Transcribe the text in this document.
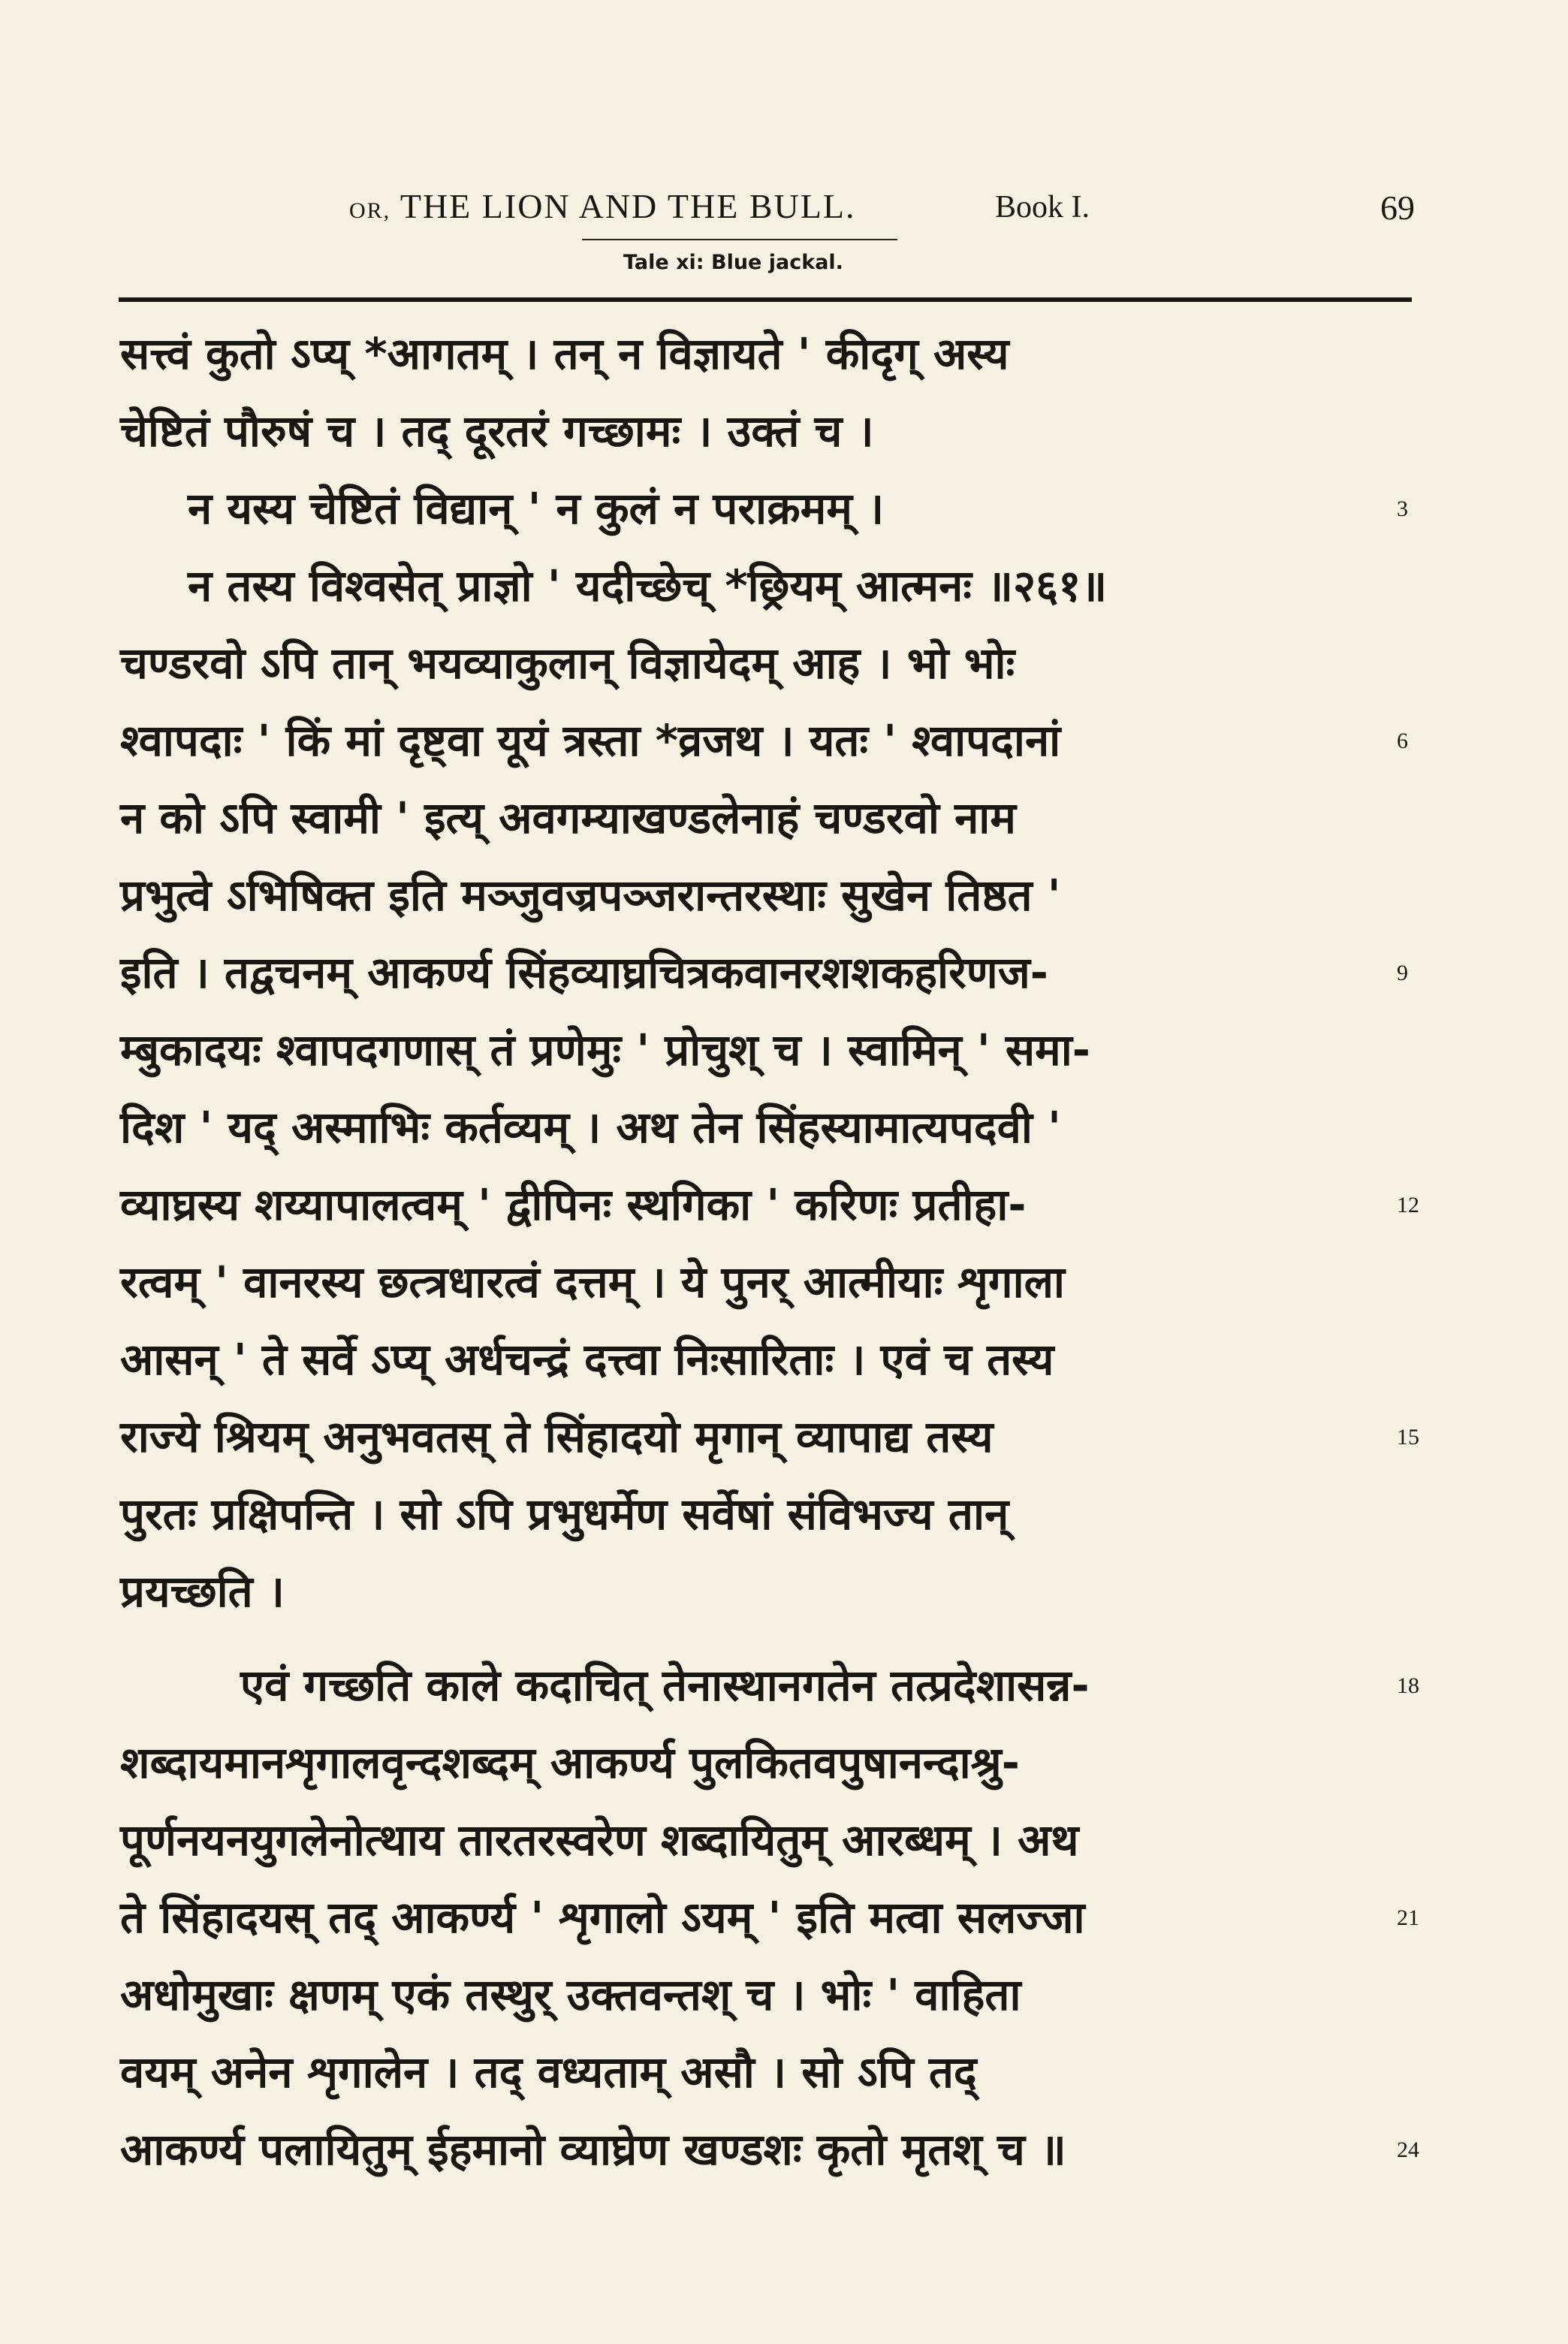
OR, THE LION AND THE BULL.	Book I.	69
Tale xi: Blue jackal.
सत्त्वं कुतो ऽप्य् *आगतम् । तन् न विज्ञायते ' कीदृग् अस्य
चेष्टितं पौरुषं च । तद् दूरतरं गच्छामः । उक्तं च ।
न यस्य चेष्टितं विद्यान् ' न कुलं न पराक्रमम् ।	3
न तस्य विश्वसेत् प्राज्ञो ' यदीच्छेच् *छ्रियम् आत्मनः ॥२६१॥
चण्डरवो ऽपि तान् भयव्याकुलान् विज्ञायेदम् आह । भो भोः
श्वापदाः ' किं मां दृष्ट्वा यूयं त्रस्ता *व्रजथ । यतः ' श्वापदानां	6
न को ऽपि स्वामी ' इत्य् अवगम्याखण्डलेनाहं चण्डरवो नाम
प्रभुत्वे ऽभिषिक्त इति मञ्जुवज्रपञ्जरान्तरस्थाः सुखेन तिष्ठत '
इति । तद्वचनम् आकर्ण्य सिंहव्याघ्रचित्रकवानरशशकहरिणज-	9
म्बुकादयः श्वापदगणास् तं प्रणेमुः ' प्रोचुश् च । स्वामिन् ' समा-
दिश ' यद् अस्माभिः कर्तव्यम् । अथ तेन सिंहस्यामात्यपदवी '
व्याघ्रस्य शय्यापालत्वम् ' द्वीपिनः स्थगिका ' करिणः प्रतीहा-	12
रत्वम् ' वानरस्य छत्त्रधारत्वं दत्तम् । ये पुनर् आत्मीयाः शृगाला
आसन् ' ते सर्वे ऽप्य् अर्धचन्द्रं दत्त्वा निःसारिताः । एवं च तस्य
राज्ये श्रियम् अनुभवतस् ते सिंहादयो मृगान् व्यापाद्य तस्य	15
पुरतः प्रक्षिपन्ति । सो ऽपि प्रभुधर्मेण सर्वेषां संविभज्य तान्
प्रयच्छति ।
एवं गच्छति काले कदाचित् तेनास्थानगतेन तत्प्रदेशासन्न-	18
शब्दायमानशृगालवृन्दशब्दम् आकर्ण्य पुलकितवपुषानन्दाश्रु-
पूर्णनयनयुगलेनोत्थाय तारतरस्वरेण शब्दायितुम् आरब्धम् । अथ
ते सिंहादयस् तद् आकर्ण्य ' शृगालो ऽयम् ' इति मत्वा सलज्जा	21
अधोमुखाः क्षणम् एकं तस्थुर् उक्तवन्तश् च । भोः ' वाहिता
वयम् अनेन शृगालेन । तद् वध्यताम् असौ । सो ऽपि तद्
आकर्ण्य पलायितुम् ईहमानो व्याघ्रेण खण्डशः कृतो मृतश् च ॥	24
